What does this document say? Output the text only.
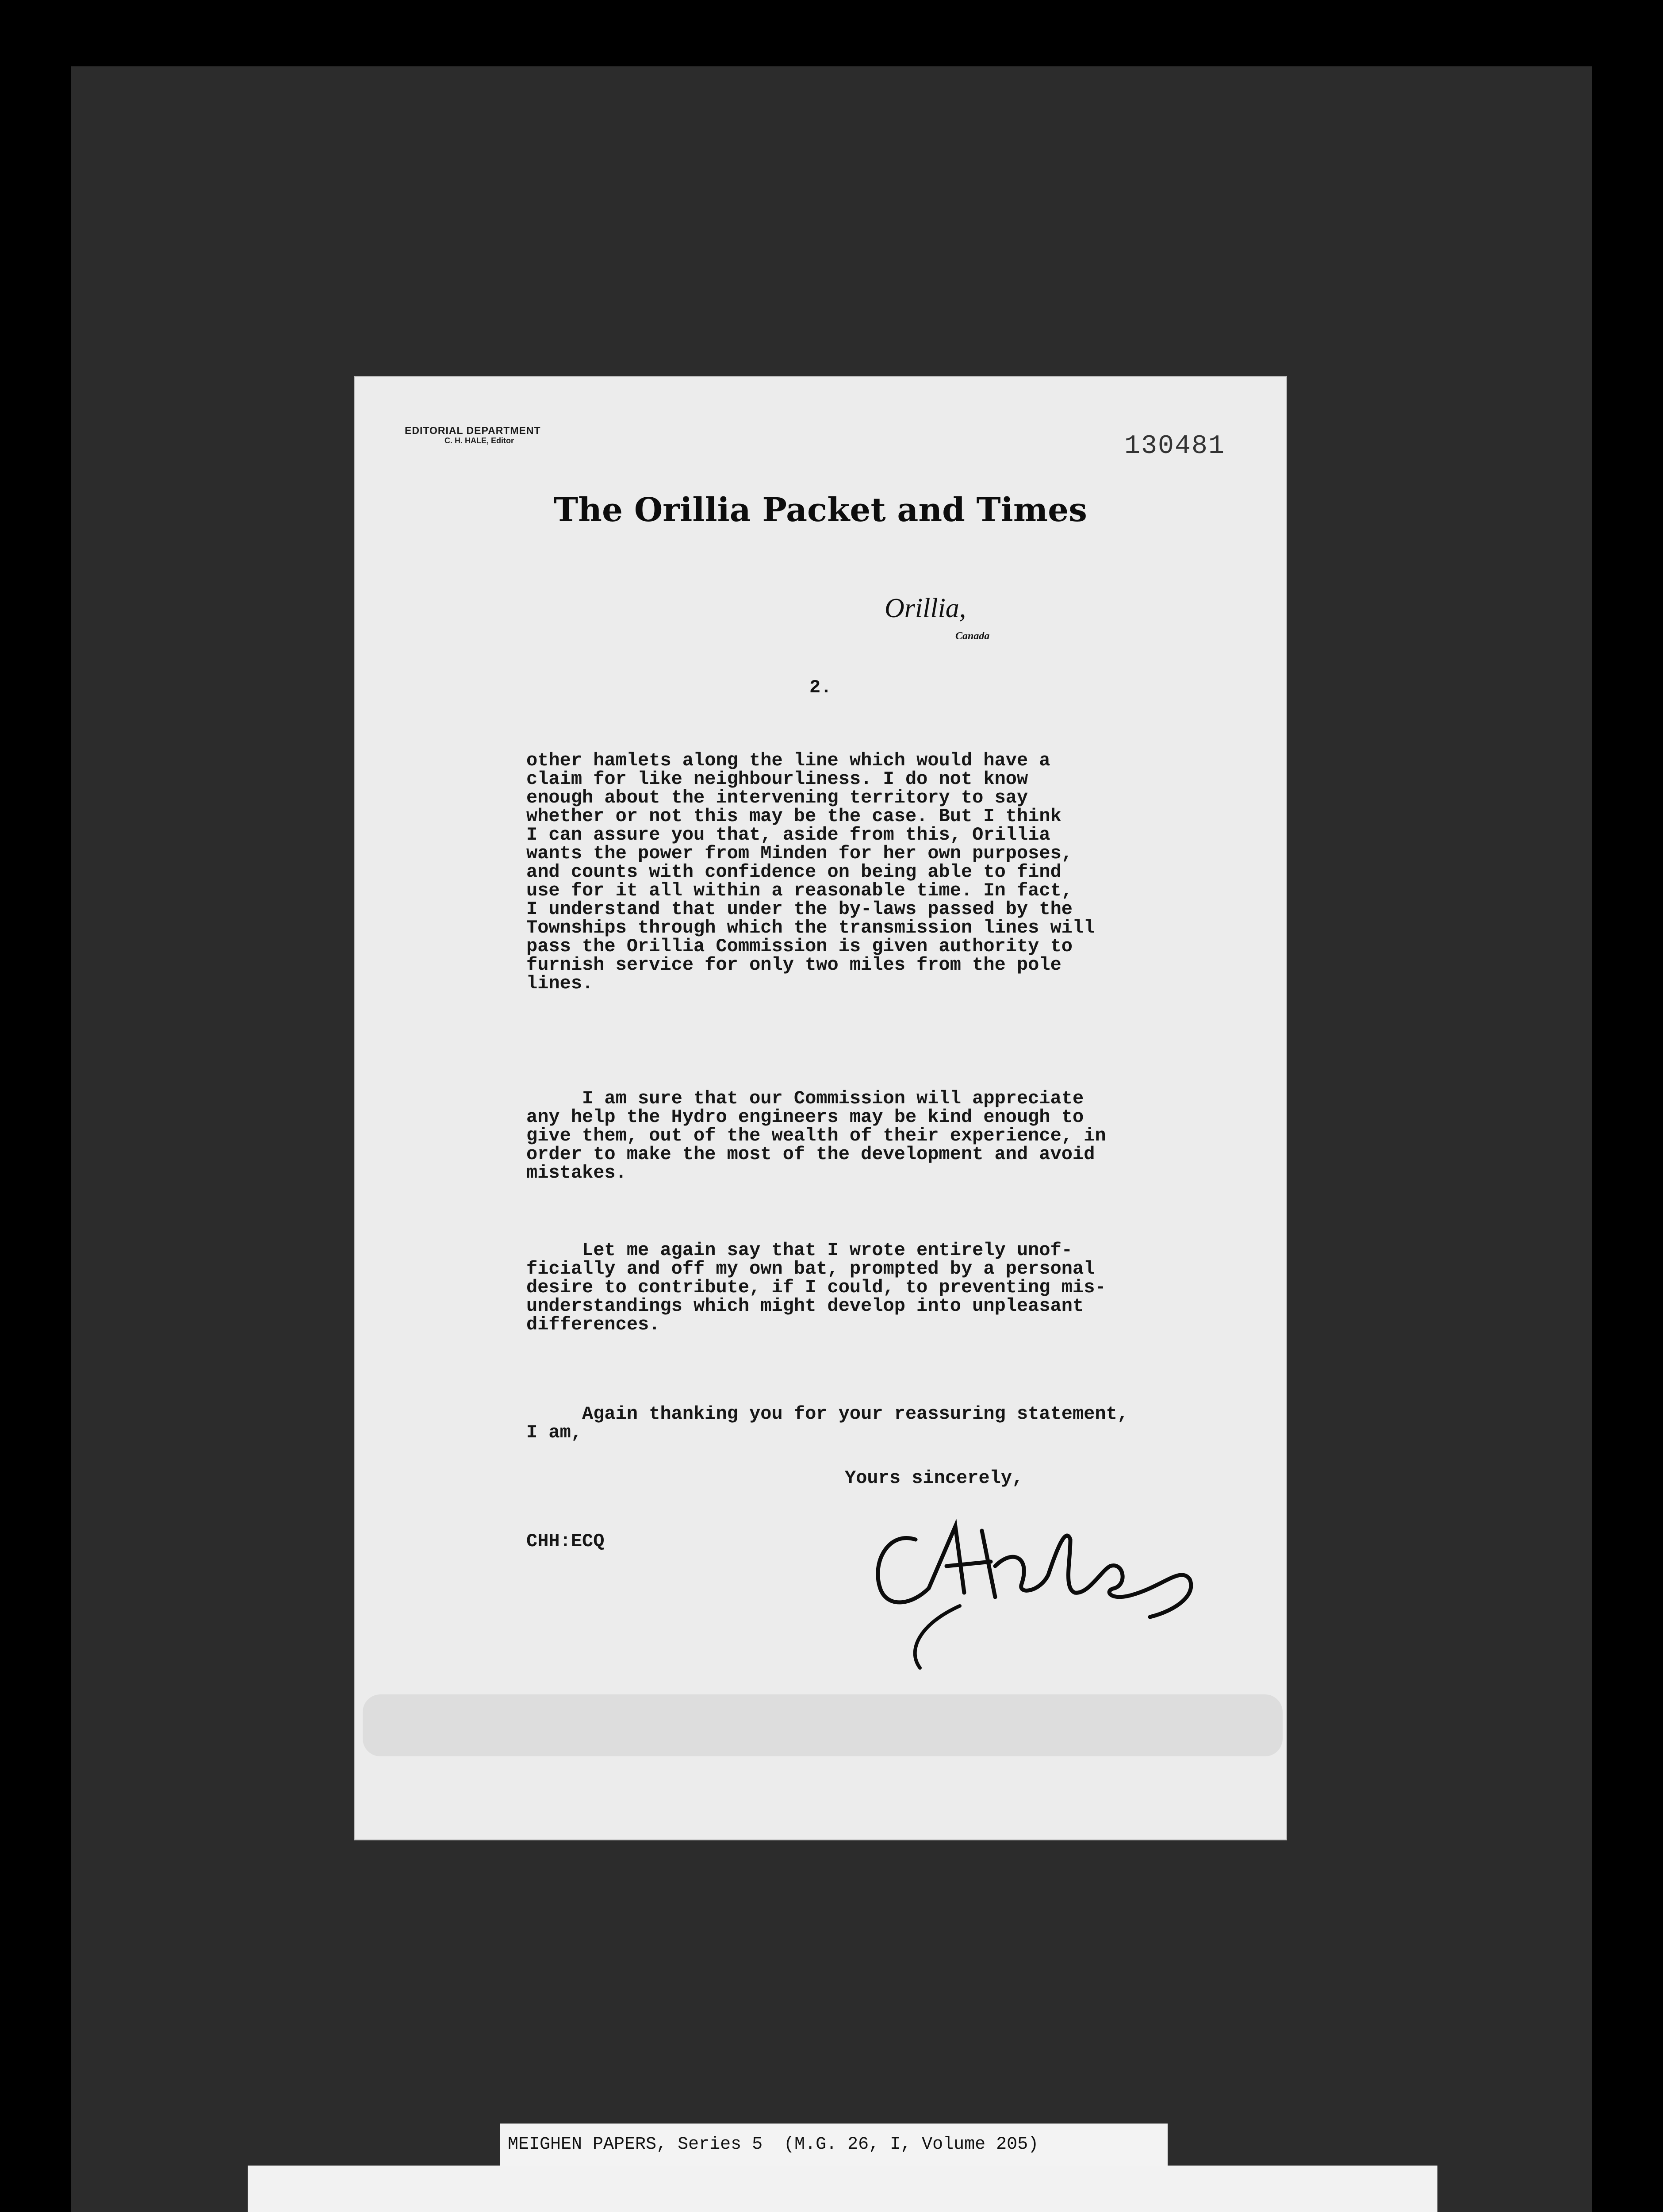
EDITORIAL DEPARTMENT
C. H. HALE, Editor	130481
The Orillia Packet and Times
Orillia,
Canada
2.
other hamlets along the line which would have a
claim for like neighbourliness. I do not know
enough about the intervening territory to say
whether or not this may be the case. But I think
I can assure you that, aside from this, Orillia
wants the power from Minden for her own purposes,
and counts with confidence on being able to find
use for it all within a reasonable time. In fact,
I understand that under the by-laws passed by the
Townships through which the transmission lines will
pass the Orillia Commission is given authority to
furnish service for only two miles from the pole
lines.
I am sure that our Commission will appreciate
any help the Hydro engineers may be kind enough to
give them, out of the wealth of their experience, in
order to make the most of the development and avoid
mistakes.
Let me again say that I wrote entirely unof-
ficially and off my own bat, prompted by a personal
desire to contribute, if I could, to preventing mis-
understandings which might develop into unpleasant
differences.
Again thanking you for your reassuring statement,
I am,
Yours sincerely,
CHH:ECQ
MEIGHEN PAPERS, Series 5  (M.G. 26, I, Volume 205)
